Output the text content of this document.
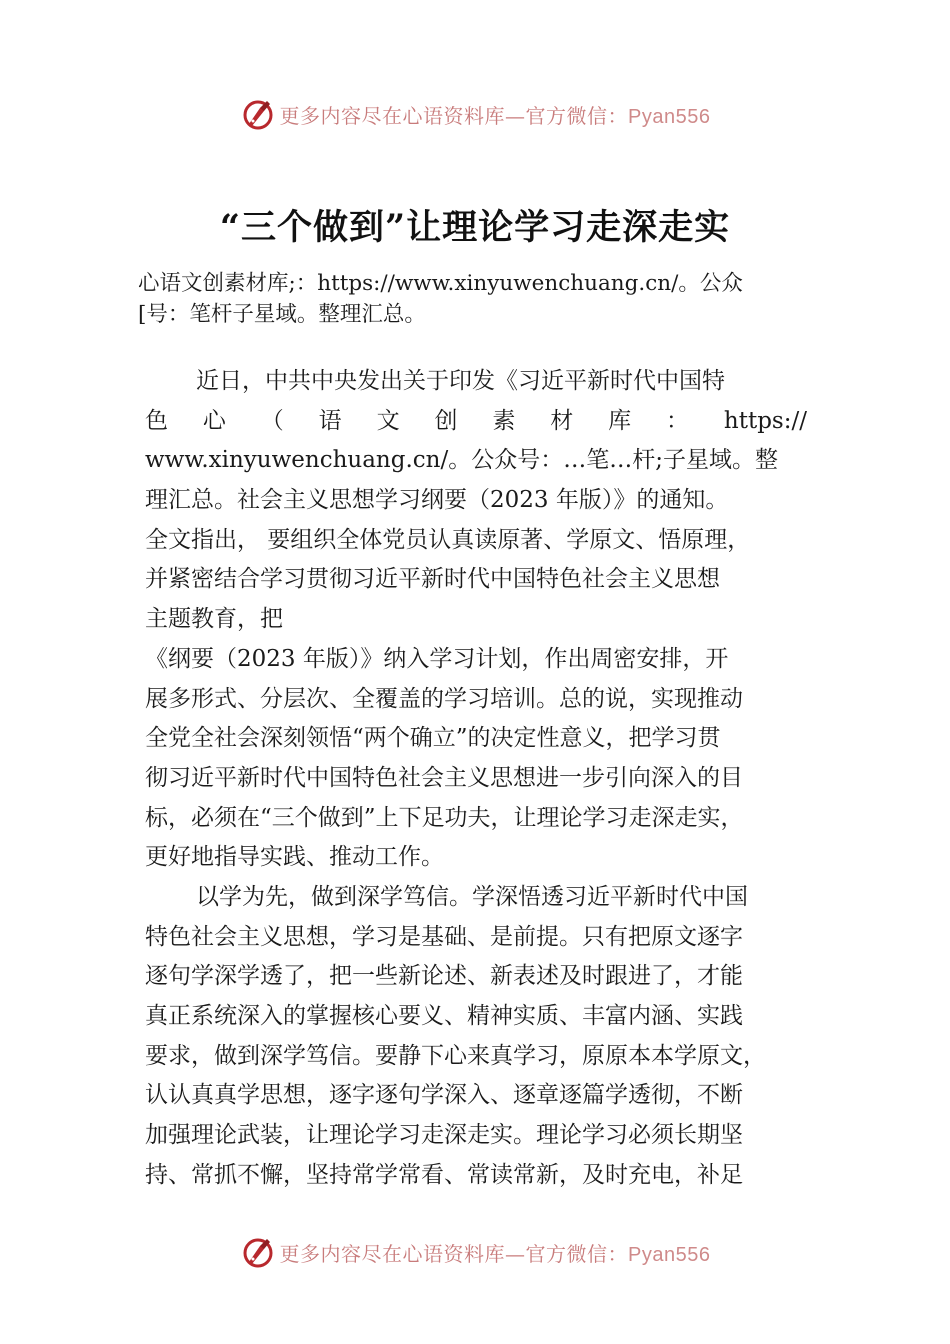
更多内容尽在心语资料库—官方微信：Pyan556
“三个做到”让理论学习走深走实
心语文创素材库;：https://www.xinyuwenchuang.cn/。公众
[号：笔杆子星域。整理汇总。
近日，中共中央发出关于印发《习近平新时代中国特
色 心 （ 语 文 创 素 材 库 ： https://
www.xinyuwenchuang.cn/。公众号：…笔…杆;子星域。整
理汇总。社会主义思想学习纲要（2023 年版）》的通知。
全文指出， 要组织全体党员认真读原著、学原文、悟原理，
并紧密结合学习贯彻习近平新时代中国特色社会主义思想
主题教育，把
《纲要（2023 年版）》纳入学习计划，作出周密安排，开
展多形式、分层次、全覆盖的学习培训。总的说，实现推动
全党全社会深刻领悟“两个确立”的决定性意义，把学习贯
彻习近平新时代中国特色社会主义思想进一步引向深入的目
标，必须在“三个做到”上下足功夫，让理论学习走深走实，
更好地指导实践、推动工作。
以学为先，做到深学笃信。学深悟透习近平新时代中国
特色社会主义思想，学习是基础、是前提。只有把原文逐字
逐句学深学透了，把一些新论述、新表述及时跟进了，才能
真正系统深入的掌握核心要义、精神实质、丰富内涵、实践
要求，做到深学笃信。要静下心来真学习，原原本本学原文，
认认真真学思想，逐字逐句学深入、逐章逐篇学透彻，不断
加强理论武装，让理论学习走深走实。理论学习必须长期坚
持、常抓不懈，坚持常学常看、常读常新，及时充电，补足
更多内容尽在心语资料库—官方微信：Pyan556
